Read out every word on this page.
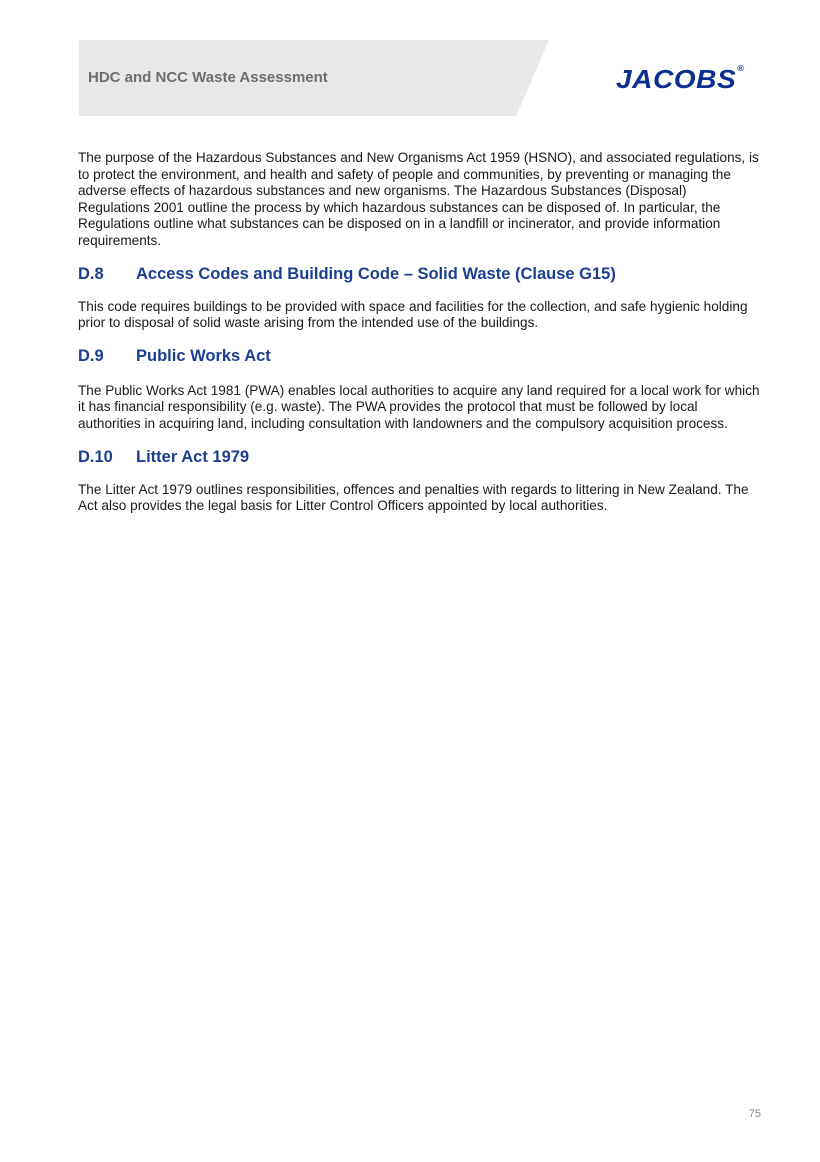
HDC and NCC Waste Assessment	JACOBS®

The purpose of the Hazardous Substances and New Organisms Act 1959 (HSNO), and associated regulations, is to protect the environment, and health and safety of people and communities, by preventing or managing the adverse effects of hazardous substances and new organisms. The Hazardous Substances (Disposal) Regulations 2001 outline the process by which hazardous substances can be disposed of. In particular, the Regulations outline what substances can be disposed on in a landfill or incinerator, and provide information requirements.

D.8	Access Codes and Building Code – Solid Waste (Clause G15)

This code requires buildings to be provided with space and facilities for the collection, and safe hygienic holding prior to disposal of solid waste arising from the intended use of the buildings.

D.9	Public Works Act

The Public Works Act 1981 (PWA) enables local authorities to acquire any land required for a local work for which it has financial responsibility (e.g. waste). The PWA provides the protocol that must be followed by local authorities in acquiring land, including consultation with landowners and the compulsory acquisition process.

D.10	Litter Act 1979

The Litter Act 1979 outlines responsibilities, offences and penalties with regards to littering in New Zealand. The Act also provides the legal basis for Litter Control Officers appointed by local authorities.

75
